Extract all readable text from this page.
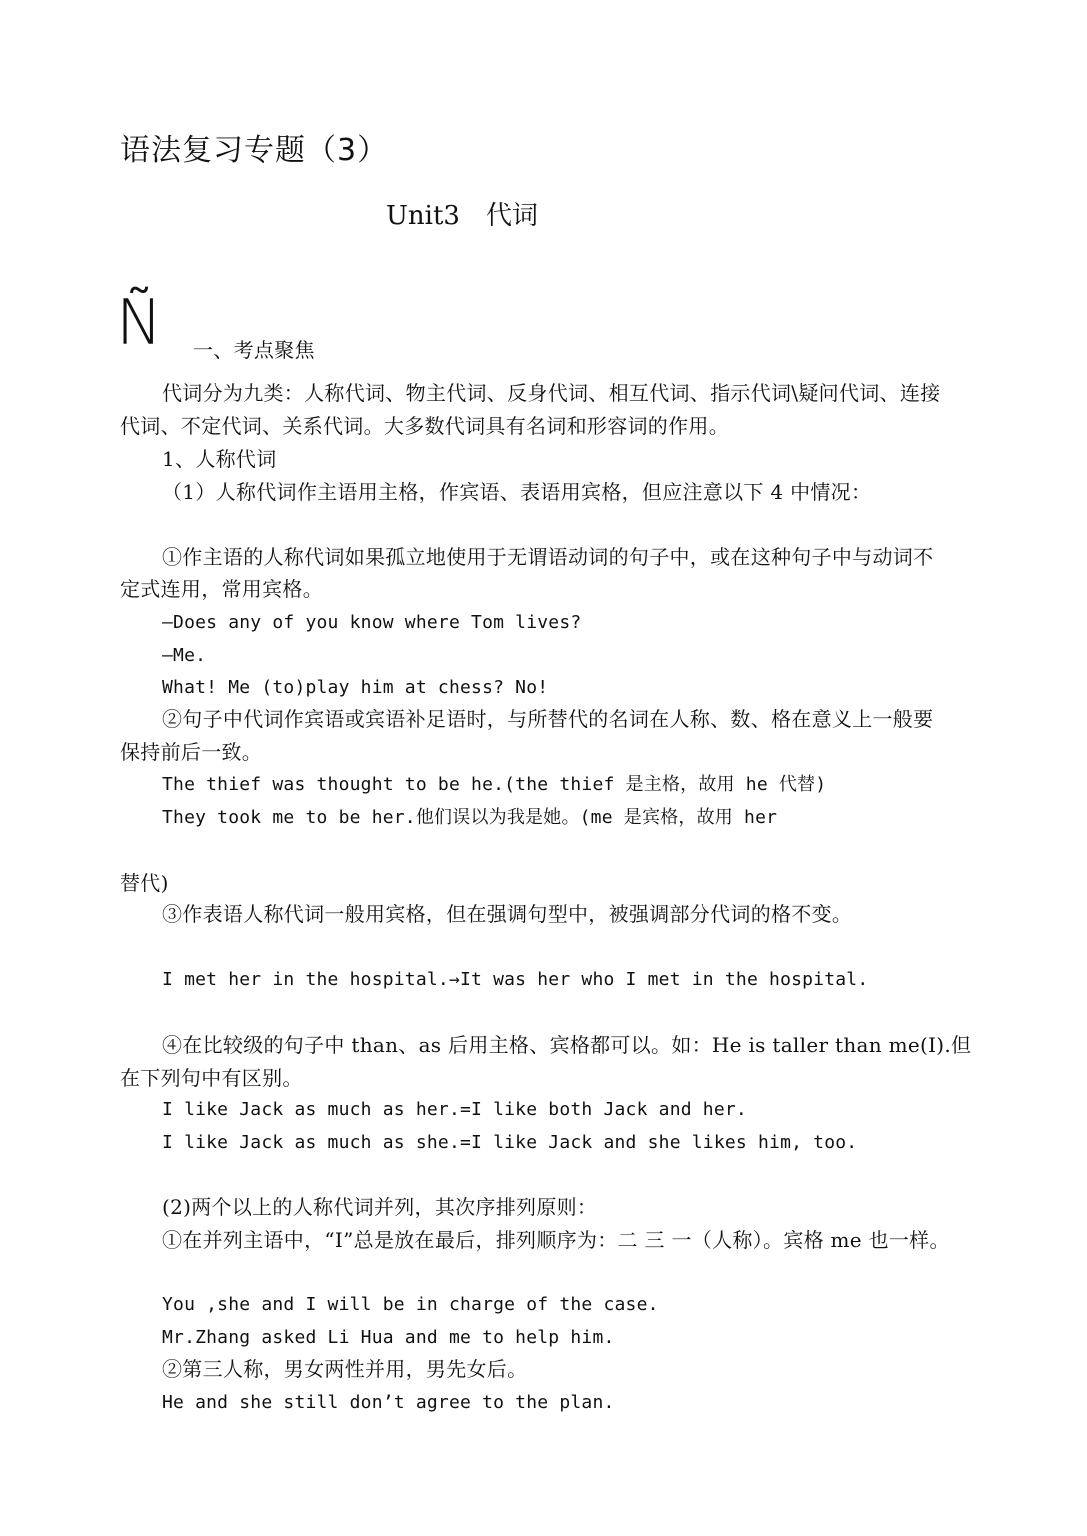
语法复习专题（3）
Unit3　代词
Ñ 一、考点聚焦
代词分为九类：人称代词、物主代词、反身代词、相互代词、指示代词\疑问代词、连接
代词、不定代词、关系代词。大多数代词具有名词和形容词的作用。
1、人称代词
（1）人称代词作主语用主格，作宾语、表语用宾格，但应注意以下 4 中情况：
①作主语的人称代词如果孤立地使用于无谓语动词的句子中，或在这种句子中与动词不
定式连用，常用宾格。
—Does any of you know where Tom lives?
—Me.
What! Me (to)play him at chess? No!
②句子中代词作宾语或宾语补足语时，与所替代的名词在人称、数、格在意义上一般要
保持前后一致。
The thief was thought to be he.(the thief 是主格，故用 he 代替)
They took me to be her.他们误以为我是她。(me 是宾格，故用 her
替代)
③作表语人称代词一般用宾格，但在强调句型中，被强调部分代词的格不变。
I met her in the hospital.→It was her who I met in the hospital.
④在比较级的句子中 than、as 后用主格、宾格都可以。如：He is taller than me(I).但
在下列句中有区别。
I like Jack as much as her.=I like both Jack and her.
I like Jack as much as she.=I like Jack and she likes him, too.
(2)两个以上的人称代词并列，其次序排列原则：
①在并列主语中，“I”总是放在最后，排列顺序为：二 三 一（人称）。宾格 me 也一样。
You ,she and I will be in charge of the case.
Mr.Zhang asked Li Hua and me to help him.
②第三人称，男女两性并用，男先女后。
He and she still don’t agree to the plan.
